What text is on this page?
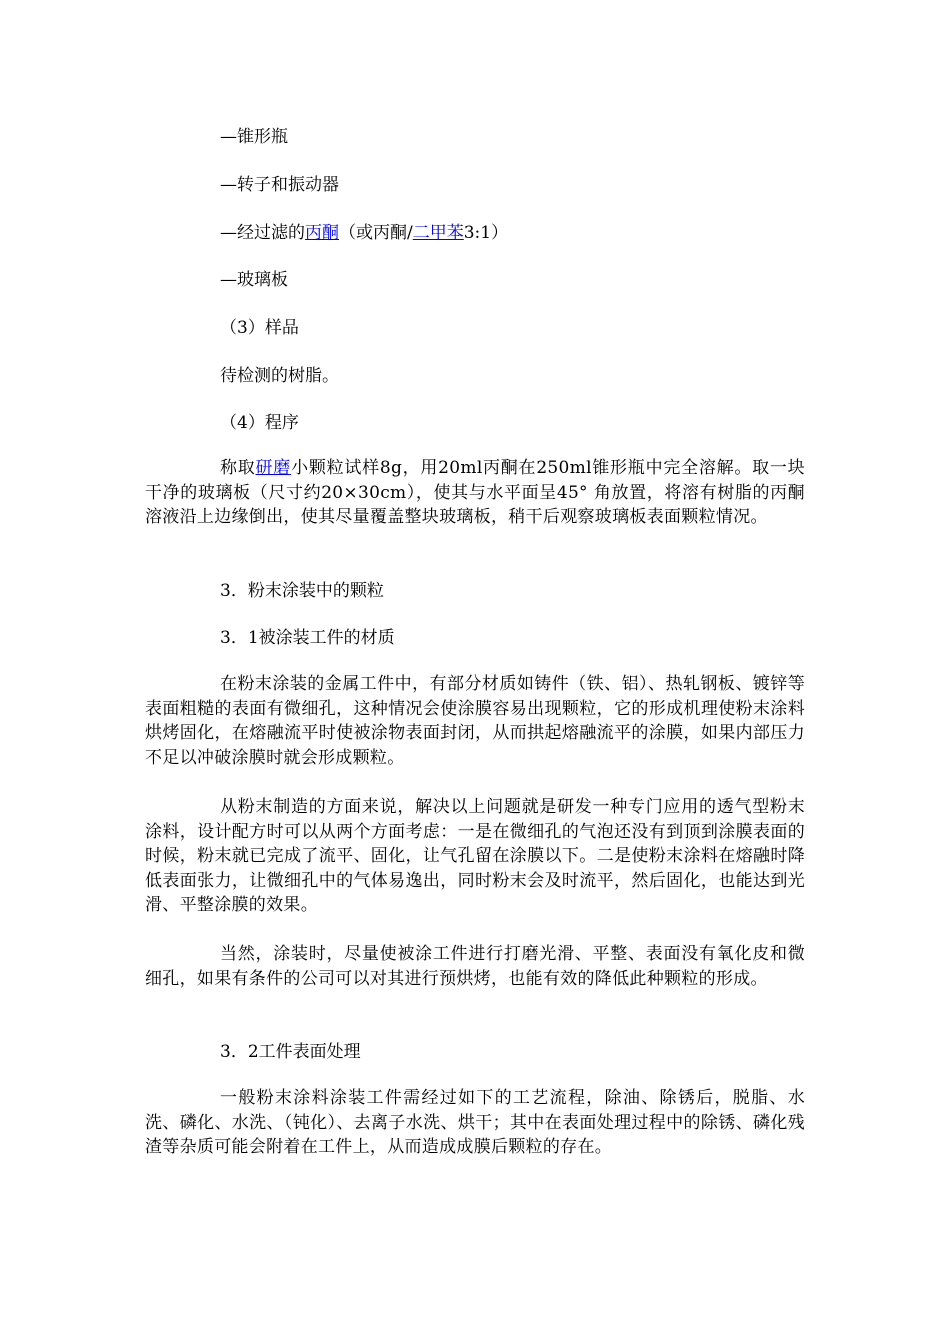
—锥形瓶
—转子和振动器
—经过滤的丙酮（或丙酮/二甲苯3:1）
—玻璃板
（3）样品
待检测的树脂。
（4）程序
称取研磨小颗粒试样8g，用20ml丙酮在250ml锥形瓶中完全溶解。取一块干净的玻璃板（尺寸约20×30cm），使其与水平面呈45° 角放置，将溶有树脂的丙酮溶液沿上边缘倒出，使其尽量覆盖整块玻璃板，稍干后观察玻璃板表面颗粒情况。
3．粉末涂装中的颗粒
3．1被涂装工件的材质
在粉末涂装的金属工件中，有部分材质如铸件（铁、铝）、热轧钢板、镀锌等表面粗糙的表面有微细孔，这种情况会使涂膜容易出现颗粒，它的形成机理使粉末涂料烘烤固化，在熔融流平时使被涂物表面封闭，从而拱起熔融流平的涂膜，如果内部压力不足以冲破涂膜时就会形成颗粒。
从粉末制造的方面来说，解决以上问题就是研发一种专门应用的透气型粉末涂料，设计配方时可以从两个方面考虑：一是在微细孔的气泡还没有到顶到涂膜表面的时候，粉末就已完成了流平、固化，让气孔留在涂膜以下。二是使粉末涂料在熔融时降低表面张力，让微细孔中的气体易逸出，同时粉末会及时流平，然后固化，也能达到光滑、平整涂膜的效果。
当然，涂装时，尽量使被涂工件进行打磨光滑、平整、表面没有氧化皮和微细孔，如果有条件的公司可以对其进行预烘烤，也能有效的降低此种颗粒的形成。
3．2工件表面处理
一般粉末涂料涂装工件需经过如下的工艺流程，除油、除锈后，脱脂、水洗、磷化、水洗、（钝化）、去离子水洗、烘干；其中在表面处理过程中的除锈、磷化残渣等杂质可能会附着在工件上，从而造成成膜后颗粒的存在。
